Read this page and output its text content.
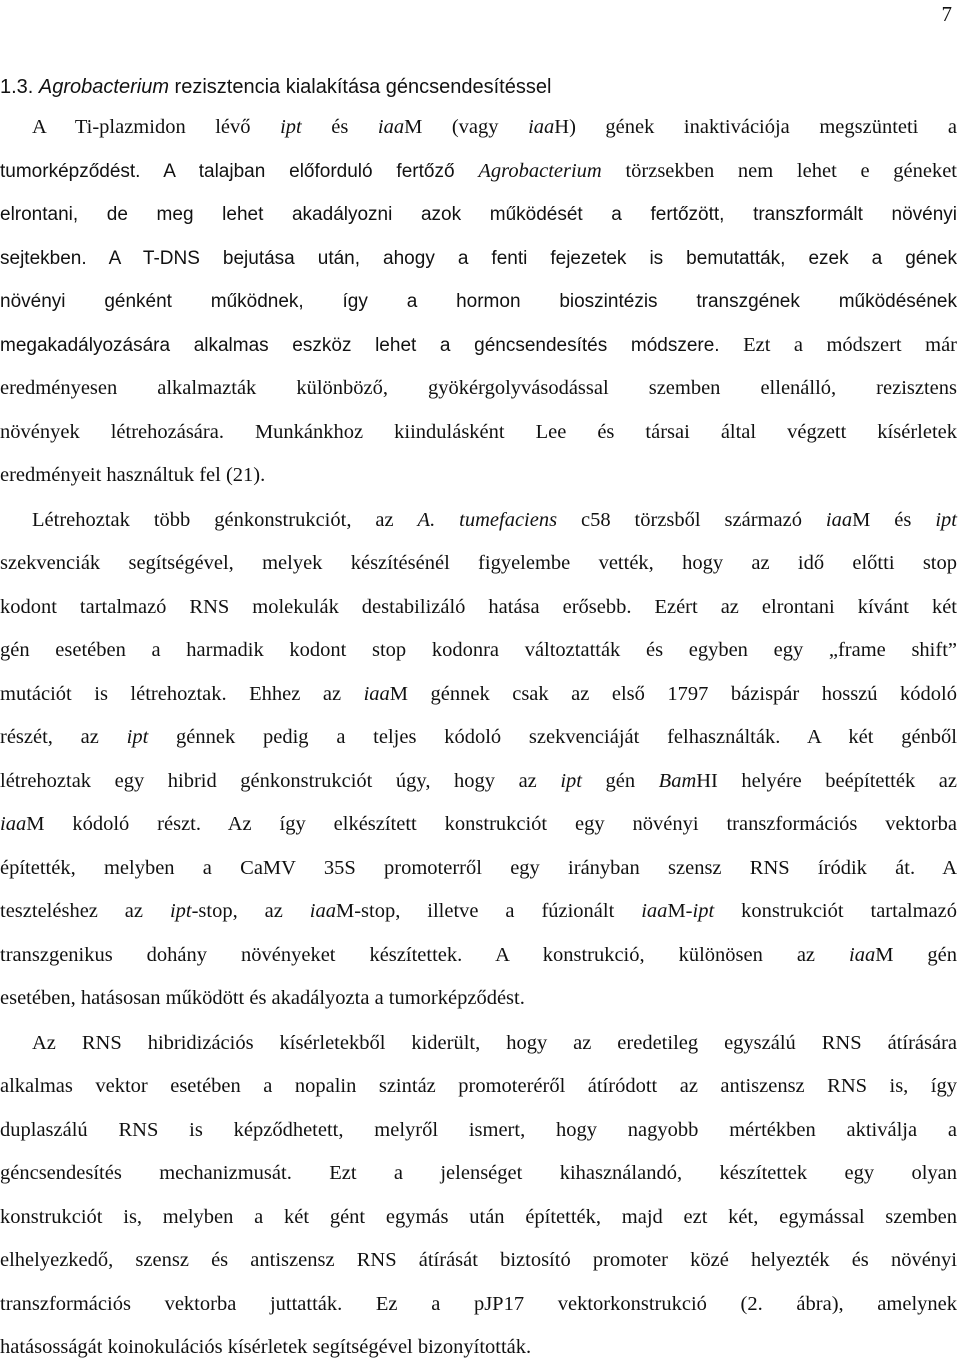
7
1.3. Agrobacterium rezisztencia kialakítása géncsendesítéssel
A Ti-plazmidon lévő ipt és iaaM (vagy iaaH) gének inaktivációja megszünteti a
tumorképződést. A talajban előforduló fertőző Agrobacterium törzsekben nem lehet e géneket
elrontani, de meg lehet akadályozni azok működését a fertőzött, transzformált növényi
sejtekben. A T-DNS bejutása után, ahogy a fenti fejezetek is bemutatták, ezek a gének
növényi génként működnek, így a hormon bioszintézis transzgének működésének
megakadályozására alkalmas eszköz lehet a géncsendesítés módszere. Ezt a módszert már
eredményesen alkalmazták különböző, gyökérgolyvásodással szemben ellenálló, rezisztens
növények létrehozására. Munkánkhoz kiindulásként Lee és társai által végzett kísérletek
eredményeit használtuk fel (21).
Létrehoztak több génkonstrukciót, az A. tumefaciens c58 törzsből származó iaaM és ipt
szekvenciák segítségével, melyek készítésénél figyelembe vették, hogy az idő előtti stop
kodont tartalmazó RNS molekulák destabilizáló hatása erősebb. Ezért az elrontani kívánt két
gén esetében a harmadik kodont stop kodonra változtatták és egyben egy „frame shift”
mutációt is létrehoztak. Ehhez az iaaM génnek csak az első 1797 bázispár hosszú kódoló
részét, az ipt génnek pedig a teljes kódoló szekvenciáját felhasználták. A két génből
létrehoztak egy hibrid génkonstrukciót úgy, hogy az ipt gén BamHI helyére beépítették az
iaaM kódoló részt. Az így elkészített konstrukciót egy növényi transzformációs vektorba
építették, melyben a CaMV 35S promoterről egy irányban szensz RNS íródik át. A
teszteléshez az ipt-stop, az iaaM-stop, illetve a fúzionált iaaM-ipt konstrukciót tartalmazó
transzgenikus dohány növényeket készítettek. A konstrukció, különösen az iaaM gén
esetében, hatásosan működött és akadályozta a tumorképződést.
Az RNS hibridizációs kísérletekből kiderült, hogy az eredetileg egyszálú RNS átírására
alkalmas vektor esetében a nopalin szintáz promoteréről átíródott az antiszensz RNS is, így
duplaszálú RNS is képződhetett, melyről ismert, hogy nagyobb mértékben aktiválja a
géncsendesítés mechanizmusát. Ezt a jelenséget kihasználandó, készítettek egy olyan
konstrukciót is, melyben a két gént egymás után építették, majd ezt két, egymással szemben
elhelyezkedő, szensz és antiszensz RNS átírását biztosító promoter közé helyezték és növényi
transzformációs vektorba juttatták. Ez a pJP17 vektorkonstrukció (2. ábra), amelynek
hatásosságát koinokulációs kísérletek segítségével bizonyították.
